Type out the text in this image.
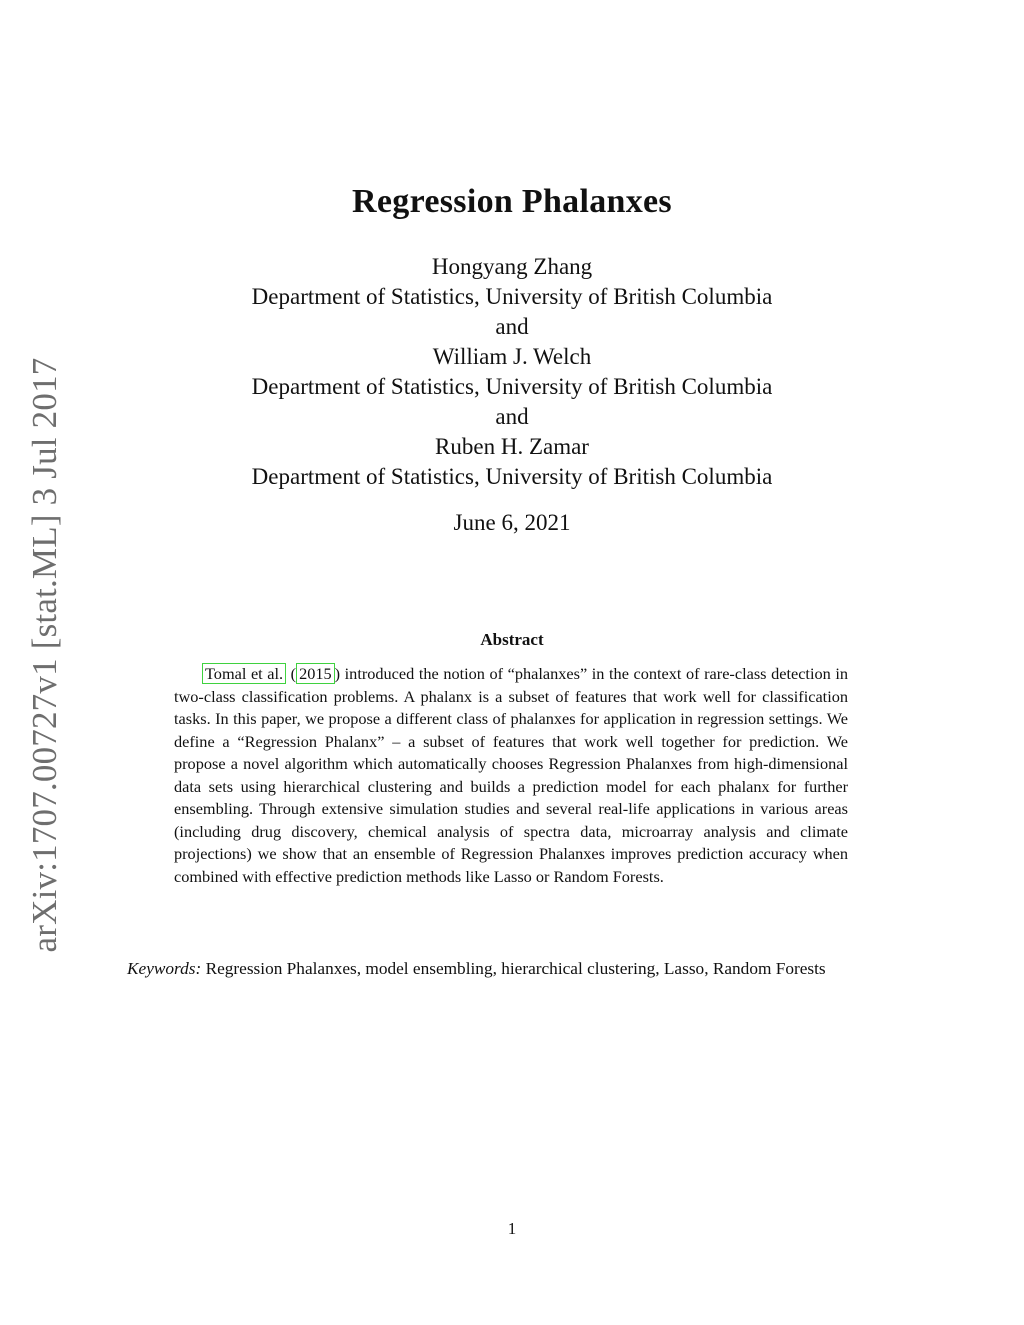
arXiv:1707.00727v1 [stat.ML] 3 Jul 2017
Regression Phalanxes
Hongyang Zhang
Department of Statistics, University of British Columbia
and
William J. Welch
Department of Statistics, University of British Columbia
and
Ruben H. Zamar
Department of Statistics, University of British Columbia
June 6, 2021
Abstract
Tomal et al. ( 2015 ) introduced the notion of “phalanxes” in the context of rare-class detection in two-class classification problems. A phalanx is a subset of features that work well for classification tasks. In this paper, we propose a different class of phalanxes for application in regression settings. We define a “Regression Phalanx” – a subset of features that work well together for prediction. We propose a novel algorithm which automatically chooses Regression Phalanxes from high-dimensional data sets using hierarchical clustering and builds a prediction model for each phalanx for further ensembling. Through extensive simulation studies and several real-life applications in various areas (including drug discovery, chemical analysis of spectra data, microarray analysis and climate projections) we show that an ensemble of Regression Phalanxes improves prediction accuracy when combined with effective prediction methods like Lasso or Random Forests.
Keywords: Regression Phalanxes, model ensembling, hierarchical clustering, Lasso, Random Forests
1
